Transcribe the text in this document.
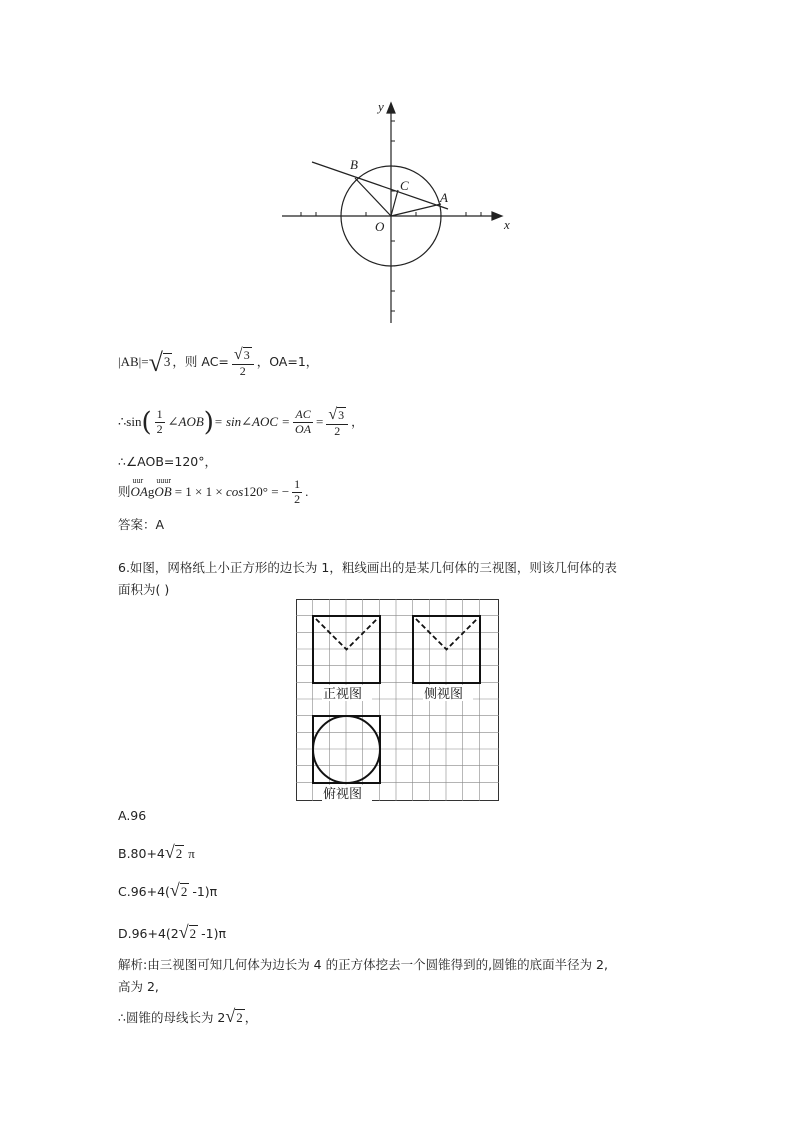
y
x
B
C
A
O
|AB|=√3 ，则 $AC= \frac{√3}{2}$ ，OA=1，
∴sin( $\frac{1}{2}$ ∠AOB)= sin∠AOC = $\frac{AC}{OA} = \frac{√3}{2}$ ，
∴∠AOB=120°，
则
uur
OAg
uuur
OB = 1 × 1 × cos120° = − $\frac{1}{2}$ .
答案：A
6.如图，网格纸上小正方形的边长为 1，粗线画出的是某几何体的三视图，则该几何体的表
面积为( )
正视图	侧视图
俯视图
A.96
B.80+4√2 π
C.96+4(√2 -1)π
D.96+4(2√2 -1)π
解析:由三视图可知几何体为边长为 4 的正方体挖去一个圆锥得到的,圆锥的底面半径为 2,
高为 2,
∴圆锥的母线长为 2√2 ，
